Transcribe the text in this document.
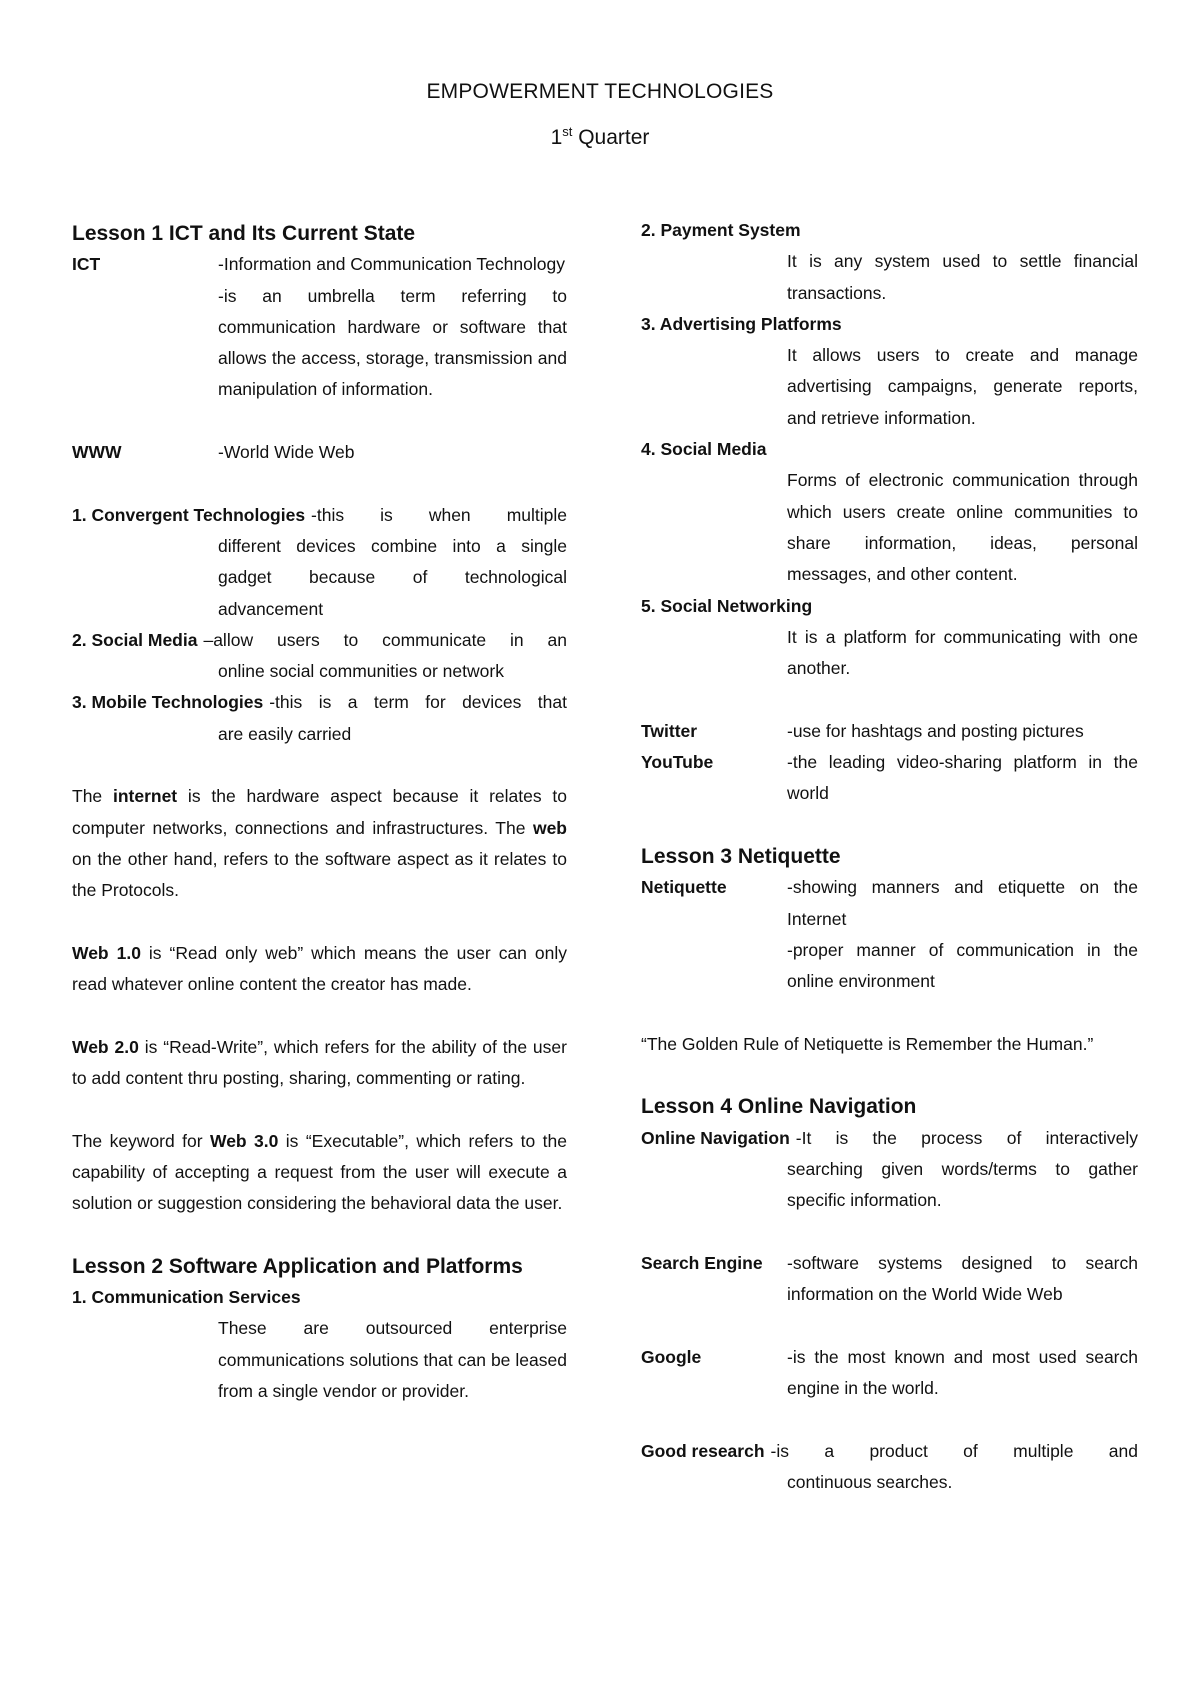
EMPOWERMENT TECHNOLOGIES
1st Quarter
Lesson 1 ICT and Its Current State
ICT	-Information and Communication Technology

-is an umbrella term referring to communication hardware or software that allows the access, storage, transmission and manipulation of information.

WWW	-World Wide Web
1. Convergent Technologies -this is when multiple
different devices combine into a single gadget because of technological advancement
2. Social Media –allow users to communicate in an
online social communities or network
3. Mobile Technologies -this is a term for devices that
are easily carried
The internet is the hardware aspect because it relates to computer networks, connections and infrastructures. The web on the other hand, refers to the software aspect as it relates to the Protocols.
Web 1.0 is “Read only web” which means the user can only read whatever online content the creator has made.
Web 2.0 is “Read-Write”, which refers for the ability of the user to add content thru posting, sharing, commenting or rating.
The keyword for Web 3.0 is “Executable”, which refers to the capability of accepting a request from the user will execute a solution or suggestion considering the behavioral data the user.
Lesson 2 Software Application and Platforms
1. Communication Services
These are outsourced enterprise communications solutions that can be leased from a single vendor or provider.
2. Payment System
It is any system used to settle financial transactions.
3. Advertising Platforms
It allows users to create and manage advertising campaigns, generate reports, and retrieve information.
4. Social Media
Forms of electronic communication through which users create online communities to share information, ideas, personal messages, and other content.
5. Social Networking
It is a platform for communicating with one another.
Twitter	-use for hashtags and posting pictures
YouTube	-the leading video-sharing platform in the world
Lesson 3 Netiquette
Netiquette	-showing manners and etiquette on the Internet

-proper manner of communication in the online environment

“The Golden Rule of Netiquette is Remember the Human.”
Lesson 4 Online Navigation
Online Navigation -It is the process of interactively
searching given words/terms to gather specific information.
Search Engine	-software systems designed to search information on the World Wide Web
Google	-is the most known and most used search engine in the world.
Good research -is a product of multiple and
continuous searches.
